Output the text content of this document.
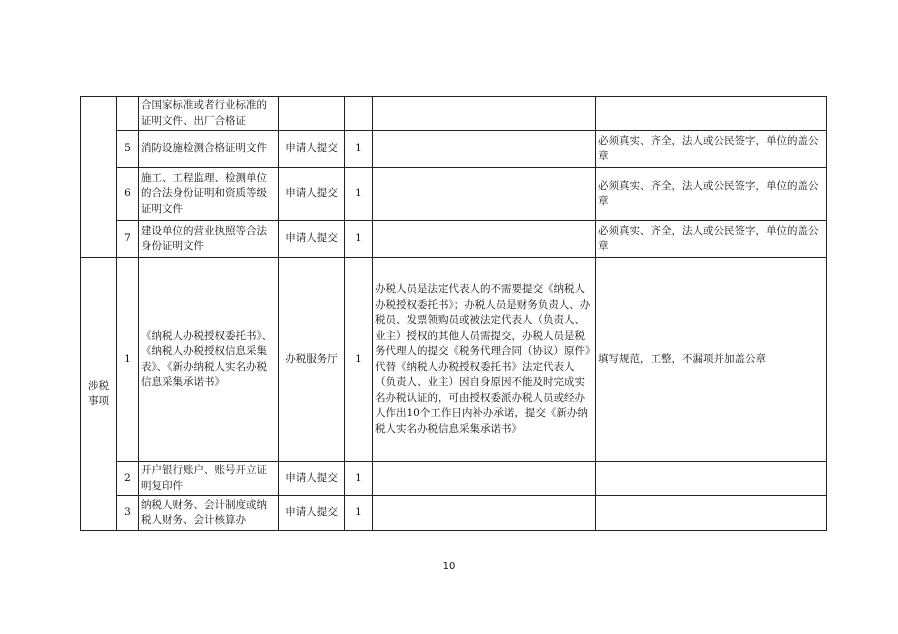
		合国家标准或者行业标准的证明文件、出厂合格证				
	5	消防设施检测合格证明文件	申请人提交	1		必须真实、齐全，法人或公民签字，单位的盖公章
	6	施工、工程监理、检测单位的合法身份证明和资质等级证明文件	申请人提交	1		必须真实、齐全，法人或公民签字，单位的盖公章
	7	建设单位的营业执照等合法身份证明文件	申请人提交	1		必须真实、齐全，法人或公民签字，单位的盖公章
涉税事项	1	《纳税人办税授权委托书》、《纳税人办税授权信息采集表》、《新办纳税人实名办税信息采集承诺书》	办税服务厅	1	办税人员是法定代表人的不需要提交《纳税人办税授权委托书》；办税人员是财务负责人、办税员、发票领购员或被法定代表人（负责人、业主）授权的其他人员需提交，办税人员是税务代理人的提交《税务代理合同（协议）原件》代替《纳税人办税授权委托书》法定代表人（负责人、业主）因自身原因不能及时完成实名办税认证的，可由授权委派办税人员或经办人作出10个工作日内补办承诺，提交《新办纳税人实名办税信息采集承诺书》	填写规范，工整，不漏项并加盖公章
	2	开户银行账户、账号开立证明复印件	申请人提交	1		
	3	纳税人财务、会计制度或纳税人财务、会计核算办	申请人提交	1		
10
